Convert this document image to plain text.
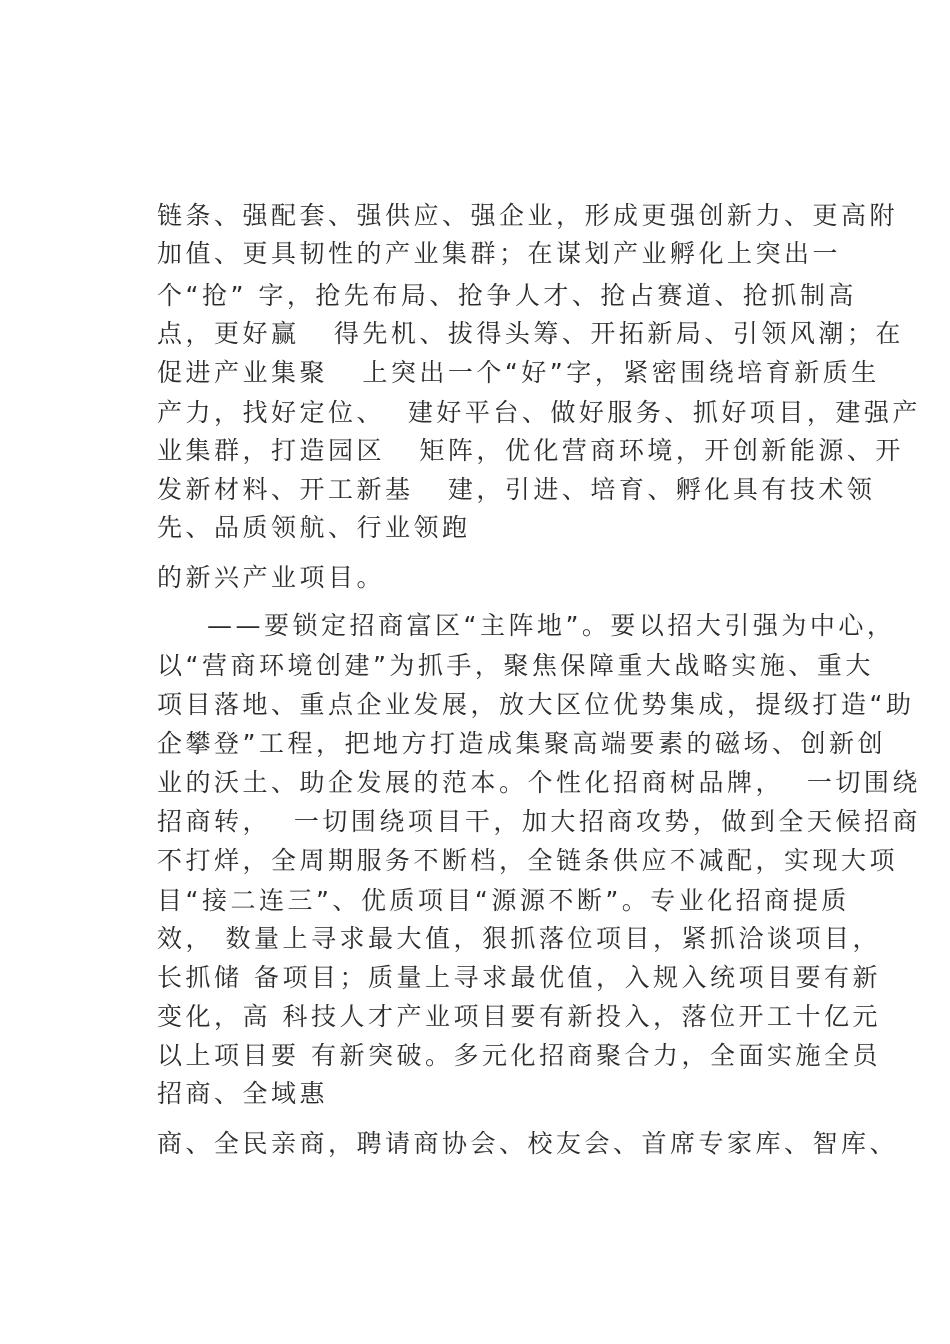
链条、强配套、强供应、强企业，形成更强创新力、更高附

加值、更具韧性的产业集群；在谋划产业孵化上突出一

个“抢” 字，抢先布局、抢争人才、抢占赛道、抢抓制高

点，更好赢   得先机、拔得头筹、开拓新局、引领风潮；在

促进产业集聚   上突出一个“好”字，紧密围绕培育新质生

产力，找好定位、  建好平台、做好服务、抓好项目，建强产

业集群，打造园区   矩阵，优化营商环境，开创新能源、开

发新材料、开工新基   建，引进、培育、孵化具有技术领

先、品质领航、行业领跑

的新兴产业项目。

——要锁定招商富区“主阵地”。要以招大引强为中心，

以“营商环境创建”为抓手，聚焦保障重大战略实施、重大

项目落地、重点企业发展，放大区位优势集成，提级打造“助

企攀登”工程，把地方打造成集聚高端要素的磁场、创新创

业的沃土、助企发展的范本。个性化招商树品牌，  一切围绕

招商转，  一切围绕项目干，加大招商攻势，做到全天候招商

不打烊，全周期服务不断档，全链条供应不减配，实现大项

目“接二连三”、优质项目“源源不断”。专业化招商提质

效， 数量上寻求最大值，狠抓落位项目，紧抓洽谈项目，

长抓储 备项目；质量上寻求最优值，入规入统项目要有新

变化，高 科技人才产业项目要有新投入，落位开工十亿元

以上项目要 有新突破。多元化招商聚合力，全面实施全员

招商、全域惠

商、全民亲商，聘请商协会、校友会、首席专家库、智库、
